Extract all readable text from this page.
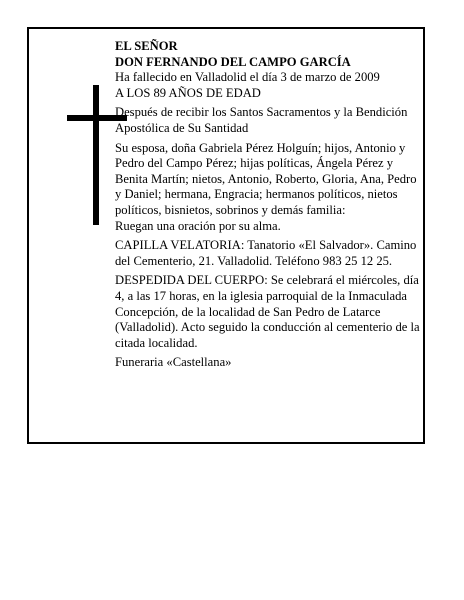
EL SEÑOR

DON FERNANDO DEL CAMPO GARCÍA

Ha fallecido en Valladolid el día 3 de marzo de 2009

A LOS 89 AÑOS DE EDAD

Después de recibir los Santos Sacramentos y la Bendición Apostólica de Su Santidad

Su esposa, doña Gabriela Pérez Holguín; hijos, Antonio y Pedro del Campo Pérez; hijas políticas, Ángela Pérez y Benita Martín; nietos, Antonio, Roberto, Gloria, Ana, Pedro y Daniel; hermana, Engracia; hermanos políticos, nietos políticos, bisnietos, sobrinos y demás familia:

Ruegan una oración por su alma.

CAPILLA VELATORIA: Tanatorio «El Salvador». Camino del Cementerio, 21. Valladolid. Teléfono 983 25 12 25.

DESPEDIDA DEL CUERPO: Se celebrará el miércoles, día 4, a las 17 horas, en la iglesia parroquial de la Inmaculada Concepción, de la localidad de San Pedro de Latarce (Valladolid). Acto seguido la conducción al cementerio de la citada localidad.

Funeraria «Castellana»
